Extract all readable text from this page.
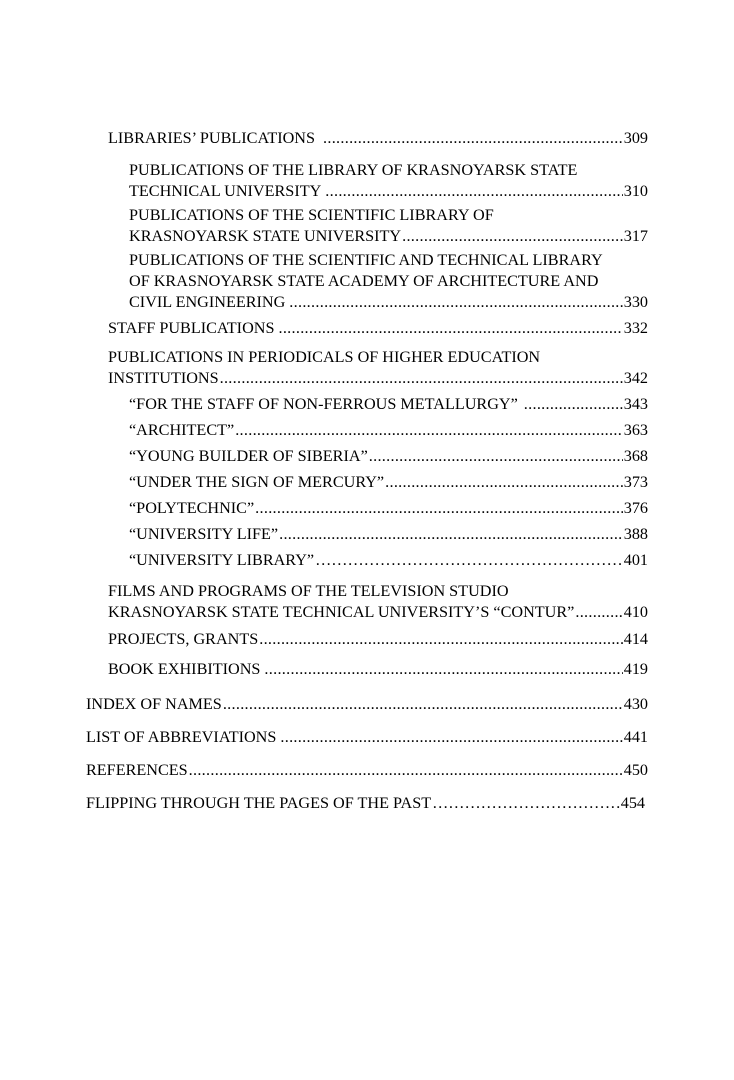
LIBRARIES’ PUBLICATIONS .....	309
PUBLICATIONS OF THE LIBRARY OF KRASNOYARSK STATE
TECHNICAL UNIVERSITY .....	310
PUBLICATIONS OF THE SCIENTIFIC LIBRARY OF
KRASNOYARSK STATE UNIVERSITY .....	317
PUBLICATIONS OF THE SCIENTIFIC AND TECHNICAL LIBRARY
OF KRASNOYARSK STATE ACADEMY OF ARCHITECTURE AND
CIVIL ENGINEERING .....	330
STAFF PUBLICATIONS .....	332
PUBLICATIONS IN PERIODICALS OF HIGHER EDUCATION
INSTITUTIONS .....	342
“FOR THE STAFF OF NON-FERROUS METALLURGY” .....	343
“ARCHITECT” .....	363
“YOUNG BUILDER OF SIBERIA” .....	368
“UNDER THE SIGN OF MERCURY” .....	373
“POLYTECHNIC” .....	376
“UNIVERSITY LIFE” .....	388
“UNIVERSITY LIBRARY” ……………………………………………………………………………………………………………………………………	401
FILMS AND PROGRAMS OF THE TELEVISION STUDIO
KRASNOYARSK STATE TECHNICAL UNIVERSITY’S “CONTUR” .....	410
PROJECTS, GRANTS .....	414
BOOK EXHIBITIONS .....	419
INDEX OF NAMES .....	430
LIST OF ABBREVIATIONS .....	441
REFERENCES .....	450
FLIPPING THROUGH THE PAGES OF THE PAST ……………………………………………………………………………………………………………………………………	454
